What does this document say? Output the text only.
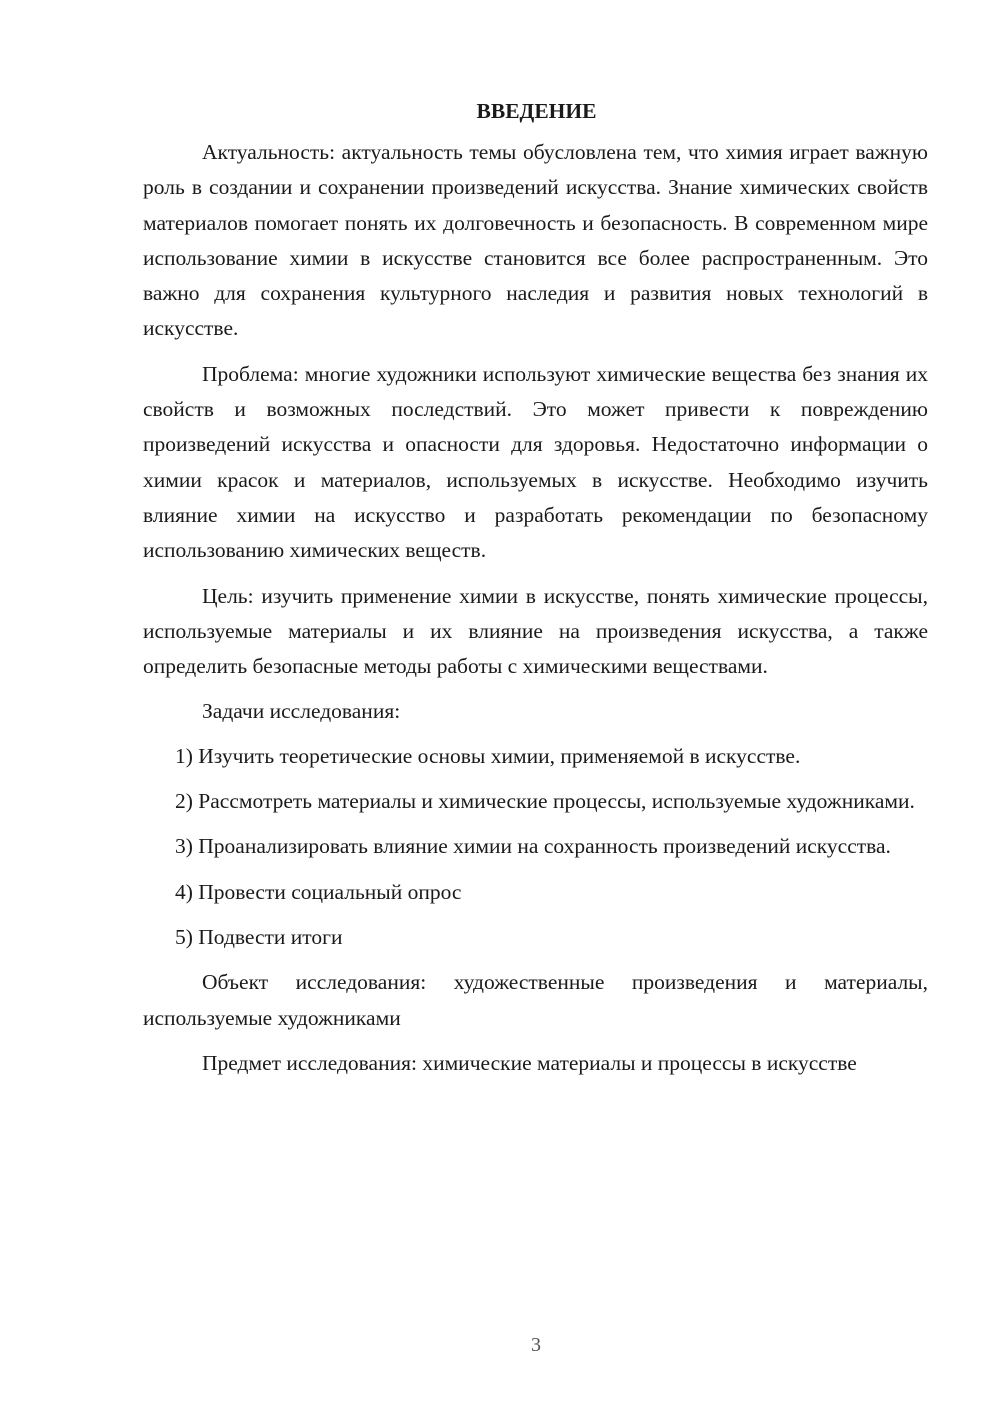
ВВЕДЕНИЕ

Актуальность: актуальность темы обусловлена тем, что химия играет важную роль в создании и сохранении произведений искусства. Знание химических свойств материалов помогает понять их долговечность и безопасность. В современном мире использование химии в искусстве становится все более распространенным. Это важно для сохранения культурного наследия и развития новых технологий в искусстве.

Проблема: многие художники используют химические вещества без знания их свойств и возможных последствий. Это может привести к повреждению произведений искусства и опасности для здоровья. Недостаточно информации о химии красок и материалов, используемых в искусстве. Необходимо изучить влияние химии на искусство и разработать рекомендации по безопасному использованию химических веществ.

Цель: изучить применение химии в искусстве, понять химические процессы, используемые материалы и их влияние на произведения искусства, а также определить безопасные методы работы с химическими веществами.

Задачи исследования:

1) Изучить теоретические основы химии, применяемой в искусстве.

2) Рассмотреть материалы и химические процессы, используемые художниками.

3) Проанализировать влияние химии на сохранность произведений искусства.

4) Провести социальный опрос

5) Подвести итоги

Объект исследования: художественные произведения и материалы, используемые художниками

Предмет исследования: химические материалы и процессы в искусстве

3
